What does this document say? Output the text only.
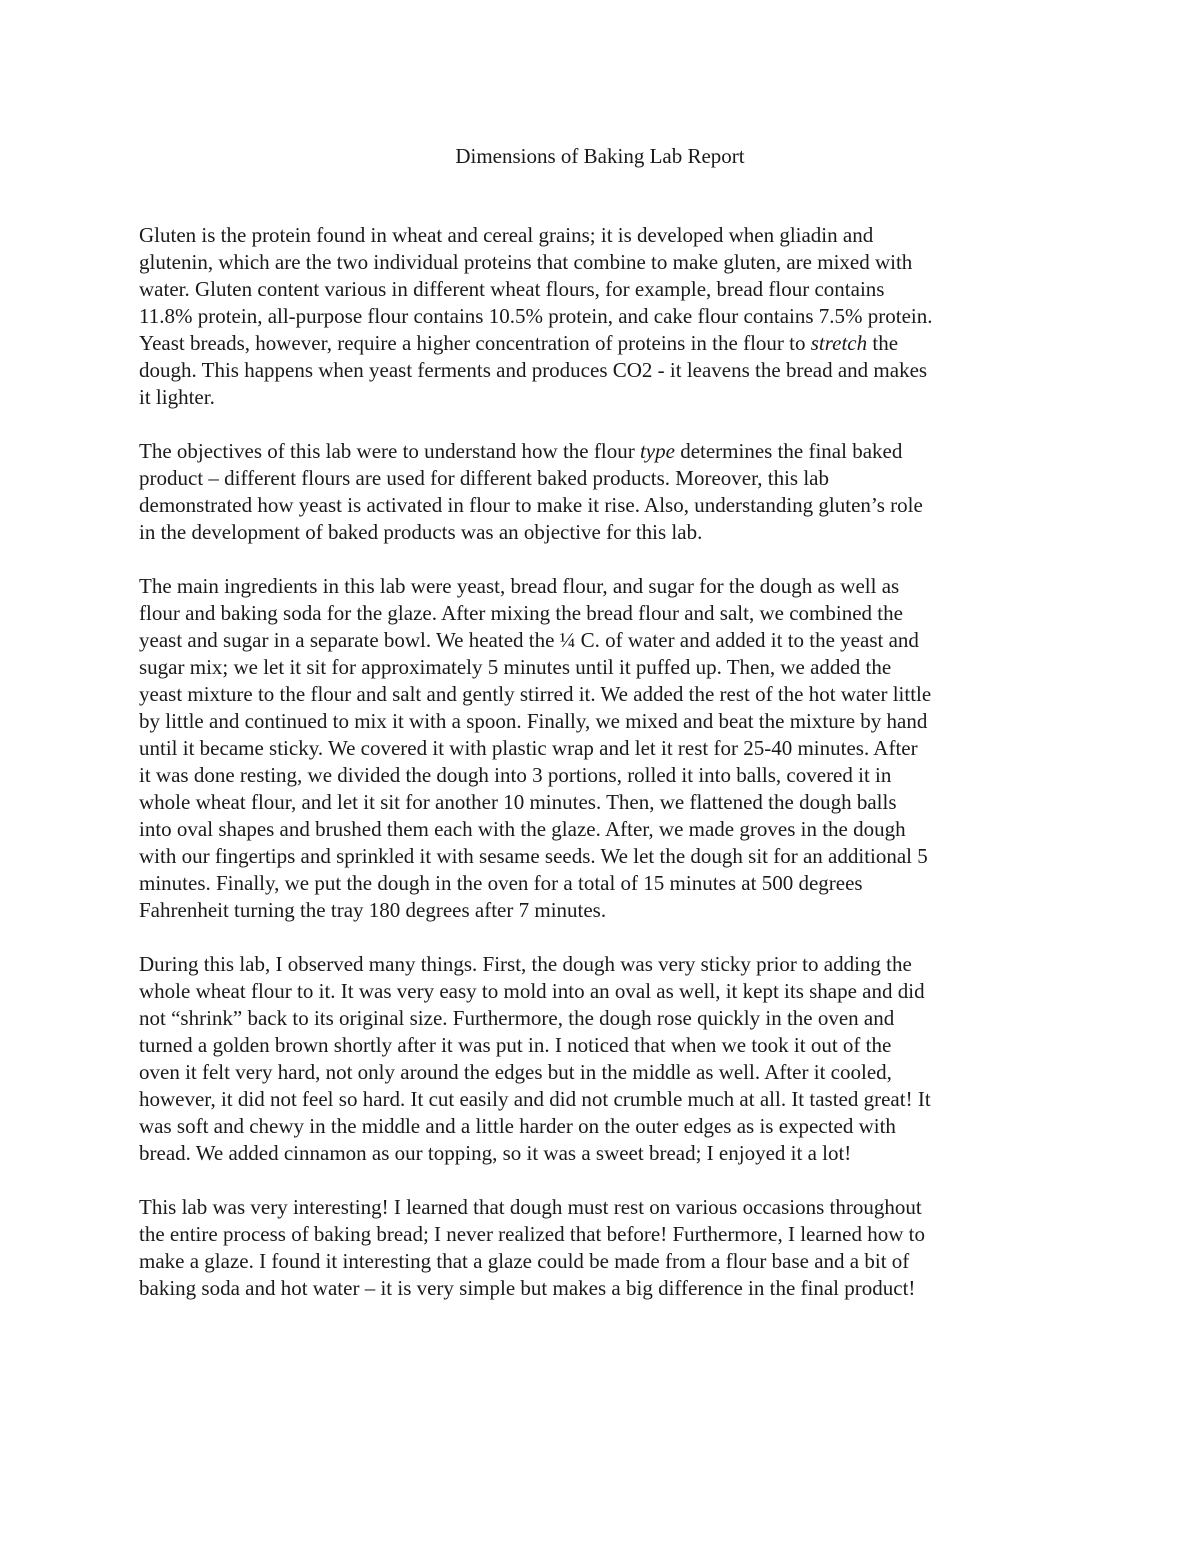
Dimensions of Baking Lab Report

Gluten is the protein found in wheat and cereal grains; it is developed when gliadin and
glutenin, which are the two individual proteins that combine to make gluten, are mixed with
water. Gluten content various in different wheat flours, for example, bread flour contains
11.8% protein, all-purpose flour contains 10.5% protein, and cake flour contains 7.5% protein.
Yeast breads, however, require a higher concentration of proteins in the flour to stretch the
dough. This happens when yeast ferments and produces CO2 - it leavens the bread and makes
it lighter.

The objectives of this lab were to understand how the flour type determines the final baked
product – different flours are used for different baked products. Moreover, this lab
demonstrated how yeast is activated in flour to make it rise. Also, understanding gluten’s role
in the development of baked products was an objective for this lab.

The main ingredients in this lab were yeast, bread flour, and sugar for the dough as well as
flour and baking soda for the glaze. After mixing the bread flour and salt, we combined the
yeast and sugar in a separate bowl. We heated the ¼ C. of water and added it to the yeast and
sugar mix; we let it sit for approximately 5 minutes until it puffed up. Then, we added the
yeast mixture to the flour and salt and gently stirred it. We added the rest of the hot water little
by little and continued to mix it with a spoon. Finally, we mixed and beat the mixture by hand
until it became sticky. We covered it with plastic wrap and let it rest for 25-40 minutes. After
it was done resting, we divided the dough into 3 portions, rolled it into balls, covered it in
whole wheat flour, and let it sit for another 10 minutes. Then, we flattened the dough balls
into oval shapes and brushed them each with the glaze. After, we made groves in the dough
with our fingertips and sprinkled it with sesame seeds. We let the dough sit for an additional 5
minutes. Finally, we put the dough in the oven for a total of 15 minutes at 500 degrees
Fahrenheit turning the tray 180 degrees after 7 minutes.

During this lab, I observed many things. First, the dough was very sticky prior to adding the
whole wheat flour to it. It was very easy to mold into an oval as well, it kept its shape and did
not “shrink” back to its original size. Furthermore, the dough rose quickly in the oven and
turned a golden brown shortly after it was put in. I noticed that when we took it out of the
oven it felt very hard, not only around the edges but in the middle as well. After it cooled,
however, it did not feel so hard. It cut easily and did not crumble much at all. It tasted great! It
was soft and chewy in the middle and a little harder on the outer edges as is expected with
bread. We added cinnamon as our topping, so it was a sweet bread; I enjoyed it a lot!

This lab was very interesting! I learned that dough must rest on various occasions throughout
the entire process of baking bread; I never realized that before! Furthermore, I learned how to
make a glaze. I found it interesting that a glaze could be made from a flour base and a bit of
baking soda and hot water – it is very simple but makes a big difference in the final product!
